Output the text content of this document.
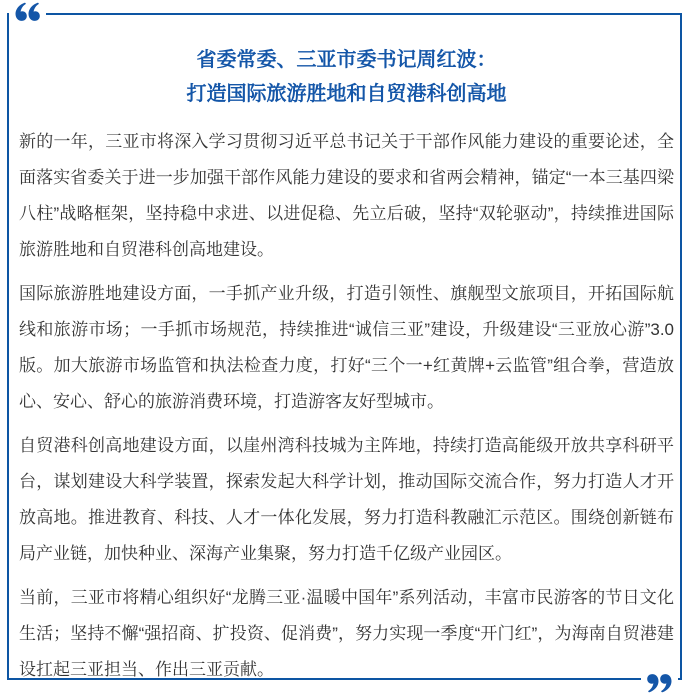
省委常委、三亚市委书记周红波：
打造国际旅游胜地和自贸港科创高地

新的一年，三亚市将深入学习贯彻习近平总书记关于干部作风能力建设的重要论述，全面落实省委关于进一步加强干部作风能力建设的要求和省两会精神，锚定“一本三基四梁八柱”战略框架，坚持稳中求进、以进促稳、先立后破，坚持“双轮驱动”，持续推进国际旅游胜地和自贸港科创高地建设。

国际旅游胜地建设方面，一手抓产业升级，打造引领性、旗舰型文旅项目，开拓国际航线和旅游市场；一手抓市场规范，持续推进“诚信三亚”建设，升级建设“三亚放心游”3.0版。加大旅游市场监管和执法检查力度，打好“三个一+红黄牌+云监管”组合拳，营造放心、安心、舒心的旅游消费环境，打造游客友好型城市。

自贸港科创高地建设方面，以崖州湾科技城为主阵地，持续打造高能级开放共享科研平台，谋划建设大科学装置，探索发起大科学计划，推动国际交流合作，努力打造人才开放高地。推进教育、科技、人才一体化发展，努力打造科教融汇示范区。围绕创新链布局产业链，加快种业、深海产业集聚，努力打造千亿级产业园区。

当前，三亚市将精心组织好“龙腾三亚·温暖中国年”系列活动，丰富市民游客的节日文化生活；坚持不懈“强招商、扩投资、促消费”，努力实现一季度“开门红”，为海南自贸港建设扛起三亚担当、作出三亚贡献。
